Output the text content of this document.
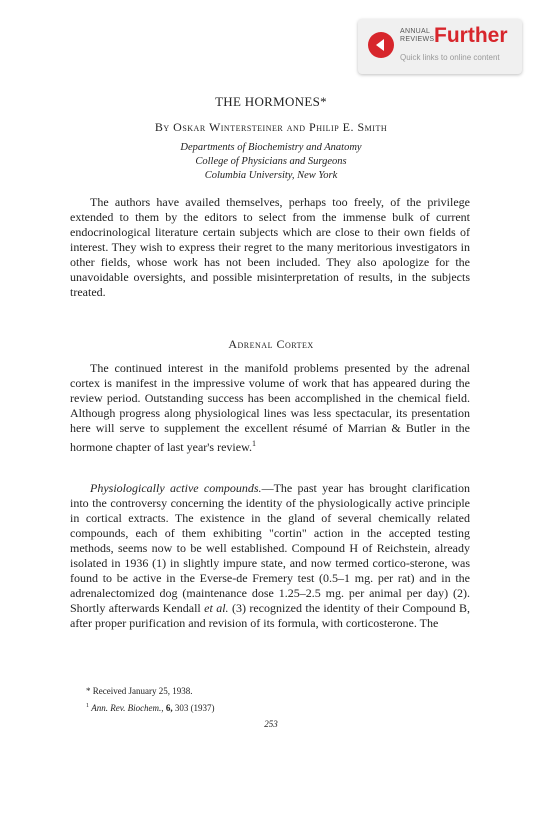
ANNUAL
REVIEWS Further
Quick links to online content
THE HORMONES*
By Oskar Wintersteiner and Philip E. Smith
Departments of Biochemistry and Anatomy
College of Physicians and Surgeons
Columbia University, New York

The authors have availed themselves, perhaps too freely, of the privilege extended to them by the editors to select from the immense bulk of current endocrinological literature certain subjects which are close to their own fields of interest. They wish to express their regret to the many meritorious investigators in other fields, whose work has not been included. They also apologize for the unavoidable oversights, and possible misinterpretation of results, in the subjects treated.

Adrenal Cortex

The continued interest in the manifold problems presented by the adrenal cortex is manifest in the impressive volume of work that has appeared during the review period. Outstanding success has been accomplished in the chemical field. Although progress along physiological lines was less spectacular, its presentation here will serve to supplement the excellent résumé of Marrian & Butler in the hormone chapter of last year's review.$^1$

Physiologically active compounds.—The past year has brought clarification into the controversy concerning the identity of the physiologically active principle in cortical extracts. The existence in the gland of several chemically related compounds, each of them exhibiting "cortin" action in the accepted testing methods, seems now to be well established. Compound H of Reichstein, already isolated in 1936 (1) in slightly impure state, and now termed cortico-sterone, was found to be active in the Everse-de Fremery test (0.5–1 mg. per rat) and in the adrenalectomized dog (maintenance dose 1.25–2.5 mg. per animal per day) (2). Shortly afterwards Kendall et al. (3) recognized the identity of their Compound B, after proper purification and revision of its formula, with corticosterone. The

* Received January 25, 1938.
$^1$ Ann. Rev. Biochem., 6, 303 (1937)
253
